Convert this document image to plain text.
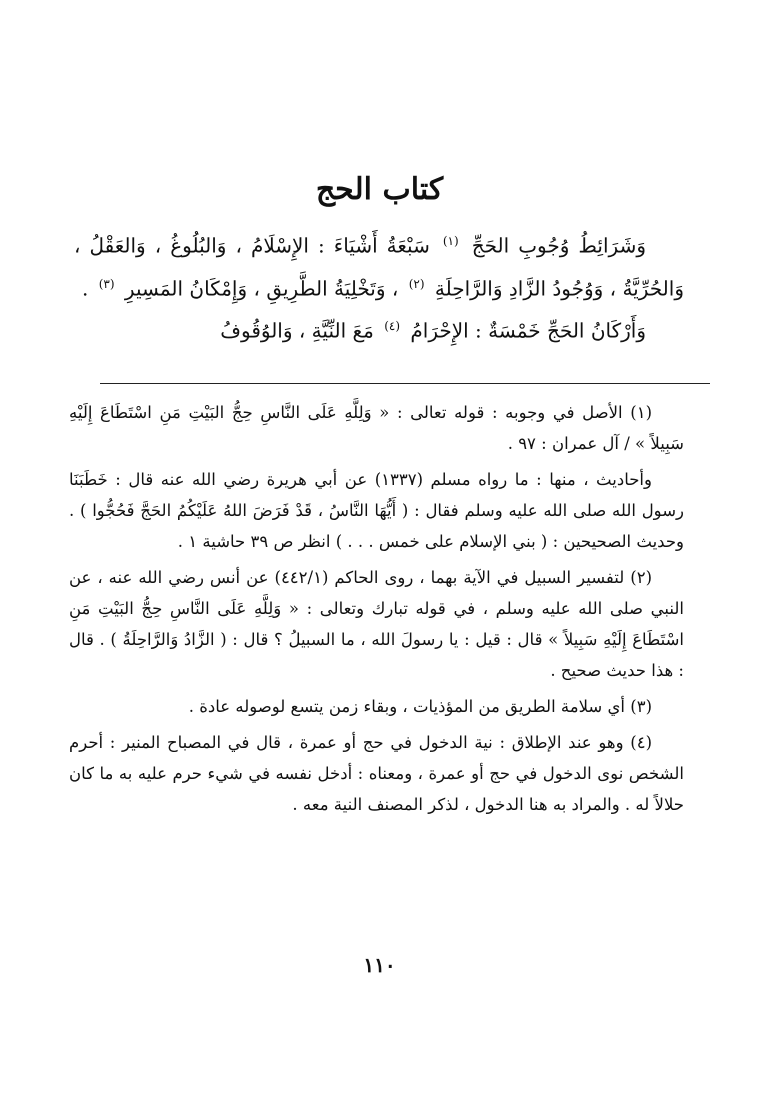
كتاب الحج

وَشَرَائِطُ وُجُوبِ الحَجِّ $^{(١)}$ سَبْعَةُ أَشْيَاءَ : الإِسْلَامُ ، وَالبُلُوغُ ، وَالعَقْلُ ، وَالحُرِّيَّةُ ، وَوُجُودُ الزَّادِ وَالرَّاحِلَةِ $^{(٢)}$ ، وَتَخْلِيَةُ الطَّرِيقِ ، وَإِمْكَانُ المَسِيرِ $^{(٣)}$ .

وَأَرْكَانُ الحَجِّ خَمْسَةٌ : الإِحْرَامُ $^{(٤)}$ مَعَ النِّيَّةِ ، وَالوُقُوفُ

(١) الأصل في وجوبه : قوله تعالى : « وَلِلَّهِ عَلَى النَّاسِ حِجُّ البَيْتِ مَنِ اسْتَطَاعَ إِلَيْهِ سَبِيلاً » / آل عمران : ٩٧ .

وأحاديث ، منها : ما رواه مسلم (١٣٣٧) عن أبي هريرة رضي الله عنه قال : خَطَبَنَا رسول الله صلى الله عليه وسلم فقال : ( أَيُّهَا النَّاسُ ، قَدْ فَرَضَ اللهُ عَلَيْكُمُ الحَجَّ فَحُجُّوا ) . وحديث الصحيحين : ( بني الإسلام على خمس . . . ) انظر ص ٣٩ حاشية ١ .

(٢) لتفسير السبيل في الآية بهما ، روى الحاكم (٤٤٢/١) عن أنس رضي الله عنه ، عن النبي صلى الله عليه وسلم ، في قوله تبارك وتعالى : « وَلِلَّهِ عَلَى النَّاسِ حِجُّ البَيْتِ مَنِ اسْتَطَاعَ إِلَيْهِ سَبِيلاً » قال : قيل : يا رسولَ الله ، ما السبيلُ ؟ قال : ( الزَّادُ وَالرَّاحِلَةُ ) . قال : هذا حديث صحيح .

(٣) أي سلامة الطريق من المؤذيات ، وبقاء زمن يتسع لوصوله عادة .

(٤) وهو عند الإطلاق : نية الدخول في حج أو عمرة ، قال في المصباح المنير : أحرم الشخص نوى الدخول في حج أو عمرة ، ومعناه : أدخل نفسه في شيء حرم عليه به ما كان حلالاً له . والمراد به هنا الدخول ، لذكر المصنف النية معه .

١١٠
